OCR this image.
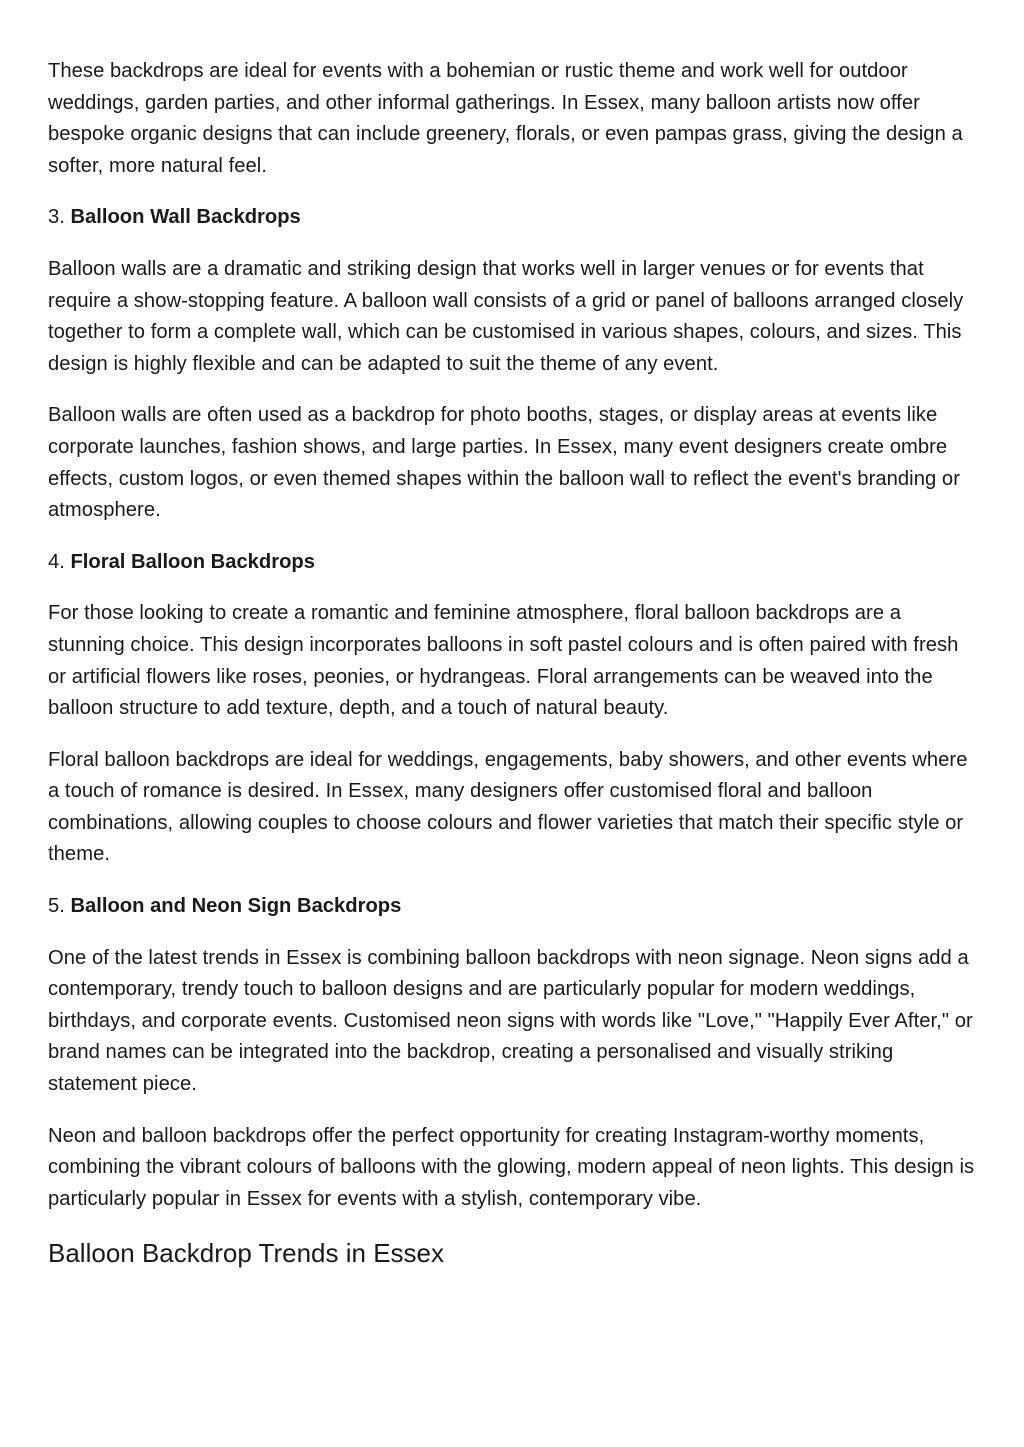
These backdrops are ideal for events with a bohemian or rustic theme and work well for outdoor weddings, garden parties, and other informal gatherings. In Essex, many balloon artists now offer bespoke organic designs that can include greenery, florals, or even pampas grass, giving the design a softer, more natural feel.

3. Balloon Wall Backdrops

Balloon walls are a dramatic and striking design that works well in larger venues or for events that require a show-stopping feature. A balloon wall consists of a grid or panel of balloons arranged closely together to form a complete wall, which can be customised in various shapes, colours, and sizes. This design is highly flexible and can be adapted to suit the theme of any event.

Balloon walls are often used as a backdrop for photo booths, stages, or display areas at events like corporate launches, fashion shows, and large parties. In Essex, many event designers create ombre effects, custom logos, or even themed shapes within the balloon wall to reflect the event's branding or atmosphere.

4. Floral Balloon Backdrops

For those looking to create a romantic and feminine atmosphere, floral balloon backdrops are a stunning choice. This design incorporates balloons in soft pastel colours and is often paired with fresh or artificial flowers like roses, peonies, or hydrangeas. Floral arrangements can be weaved into the balloon structure to add texture, depth, and a touch of natural beauty.

Floral balloon backdrops are ideal for weddings, engagements, baby showers, and other events where a touch of romance is desired. In Essex, many designers offer customised floral and balloon combinations, allowing couples to choose colours and flower varieties that match their specific style or theme.

5. Balloon and Neon Sign Backdrops

One of the latest trends in Essex is combining balloon backdrops with neon signage. Neon signs add a contemporary, trendy touch to balloon designs and are particularly popular for modern weddings, birthdays, and corporate events. Customised neon signs with words like "Love," "Happily Ever After," or brand names can be integrated into the backdrop, creating a personalised and visually striking statement piece.

Neon and balloon backdrops offer the perfect opportunity for creating Instagram-worthy moments, combining the vibrant colours of balloons with the glowing, modern appeal of neon lights. This design is particularly popular in Essex for events with a stylish, contemporary vibe.

Balloon Backdrop Trends in Essex
